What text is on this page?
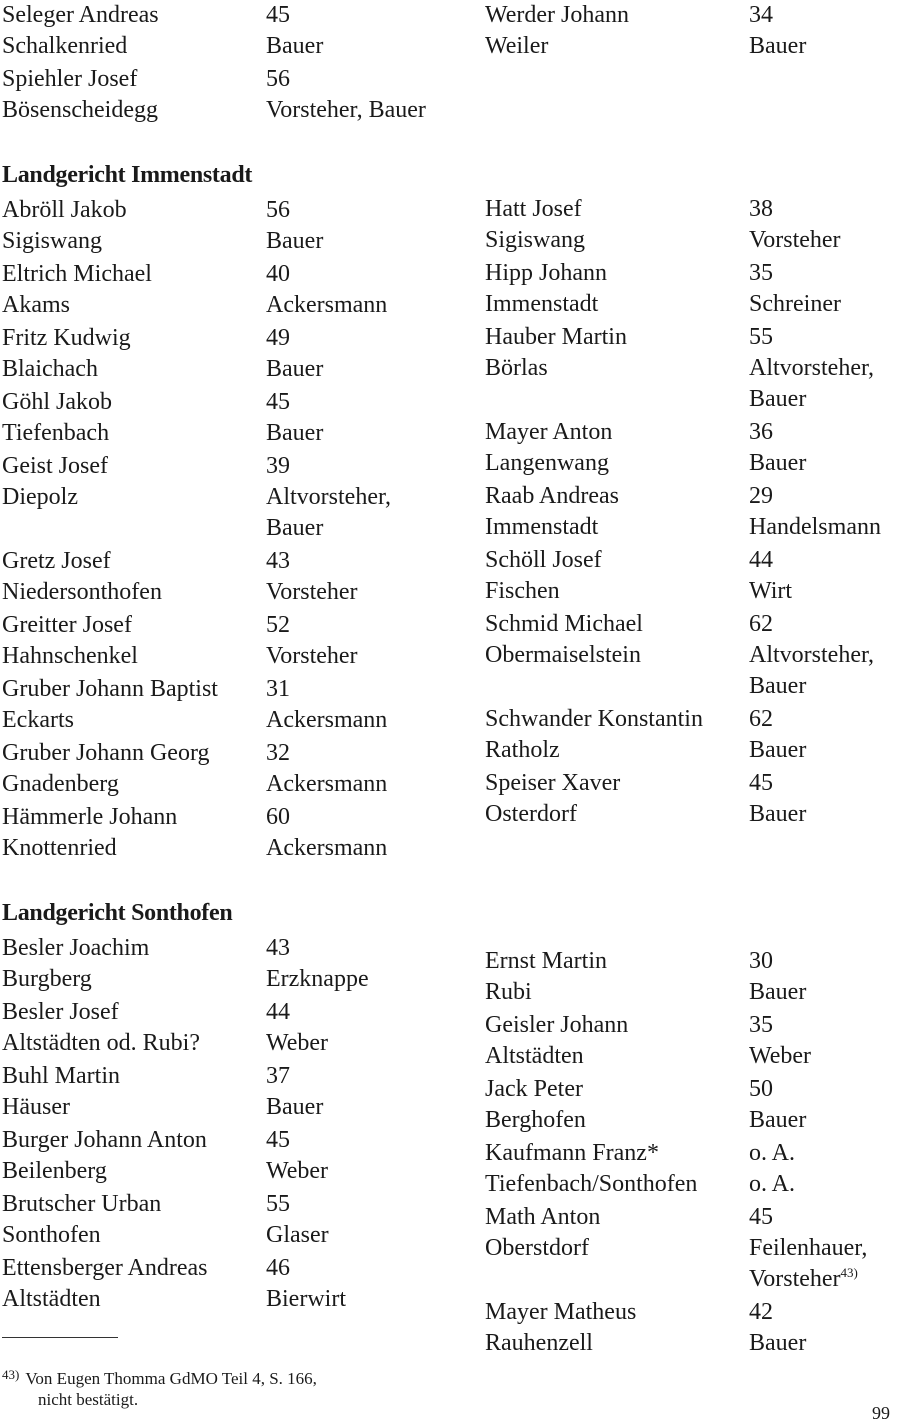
Seleger Andreas	45
Schalkenried	Bauer
Spiehler Josef	56
Bösenscheidegg	Vorsteher, Bauer
Werder Johann	34
Weiler	Bauer
Landgericht Immenstadt
Abröll Jakob	56
Sigiswang	Bauer
Eltrich Michael	40
Akams	Ackersmann
Fritz Kudwig	49
Blaichach	Bauer
Göhl Jakob	45
Tiefenbach	Bauer
Geist Josef	39
Diepolz	Altvorsteher,
Bauer
Gretz Josef	43
Niedersonthofen	Vorsteher
Greitter Josef	52
Hahnschenkel	Vorsteher
Gruber Johann Baptist	31
Eckarts	Ackersmann
Gruber Johann Georg	32
Gnadenberg	Ackersmann
Hämmerle Johann	60
Knottenried	Ackersmann
Hatt Josef	38
Sigiswang	Vorsteher
Hipp Johann	35
Immenstadt	Schreiner
Hauber Martin	55
Börlas	Altvorsteher,
Bauer
Mayer Anton	36
Langenwang	Bauer
Raab Andreas	29
Immenstadt	Handelsmann
Schöll Josef	44
Fischen	Wirt
Schmid Michael	62
Obermaiselstein	Altvorsteher,
Bauer
Schwander Konstantin	62
Ratholz	Bauer
Speiser Xaver	45
Osterdorf	Bauer
Landgericht Sonthofen
Besler Joachim	43
Burgberg	Erzknappe
Besler Josef	44
Altstädten od. Rubi?	Weber
Buhl Martin	37
Häuser	Bauer
Burger Johann Anton	45
Beilenberg	Weber
Brutscher Urban	55
Sonthofen	Glaser
Ettensberger Andreas	46
Altstädten	Bierwirt
Ernst Martin	30
Rubi	Bauer
Geisler Johann	35
Altstädten	Weber
Jack Peter	50
Berghofen	Bauer
Kaufmann Franz*	o. A.
Tiefenbach/Sonthofen	o. A.
Math Anton	45
Oberstdorf	Feilenhauer,
Vorsteher$^{43)}$
Mayer Matheus	42
Rauhenzell	Bauer
$^{43)}$ Von Eugen Thomma GdMO Teil 4, S. 166,
nicht bestätigt.
99
